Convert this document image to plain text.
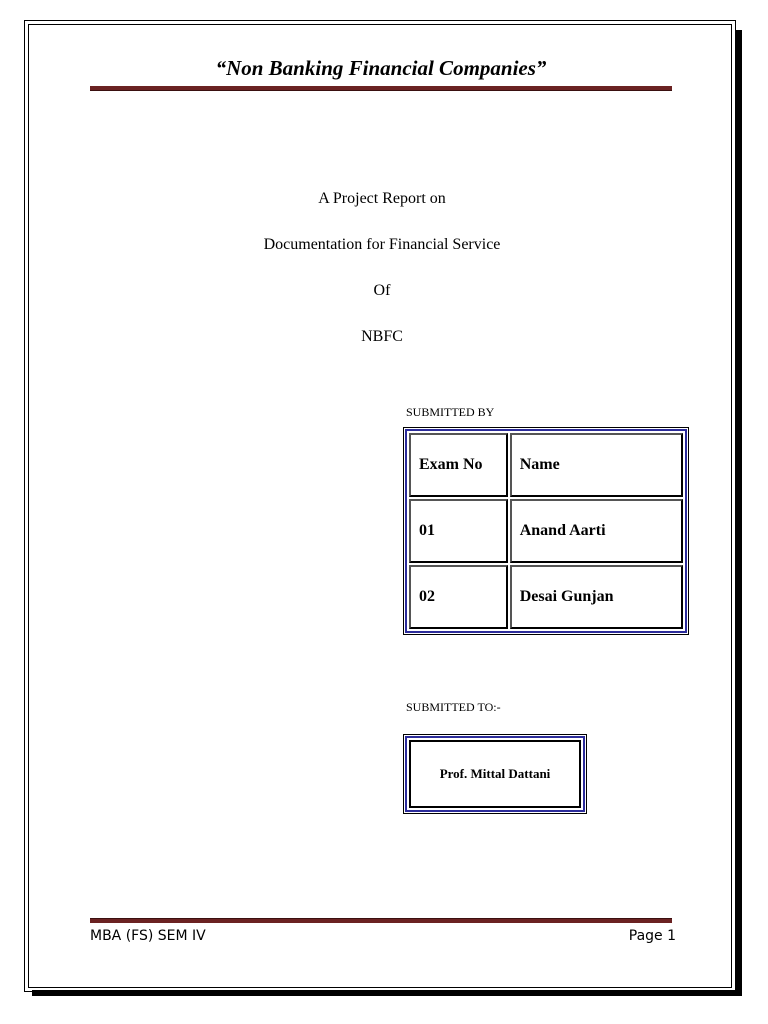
“Non Banking Financial Companies”
A Project Report on
Documentation for Financial Service
Of
NBFC
SUBMITTED BY
Exam No	Name
01	Anand Aarti
02	Desai Gunjan
SUBMITTED TO:-
Prof. Mittal Dattani
MBA (FS) SEM IV	Page 1
